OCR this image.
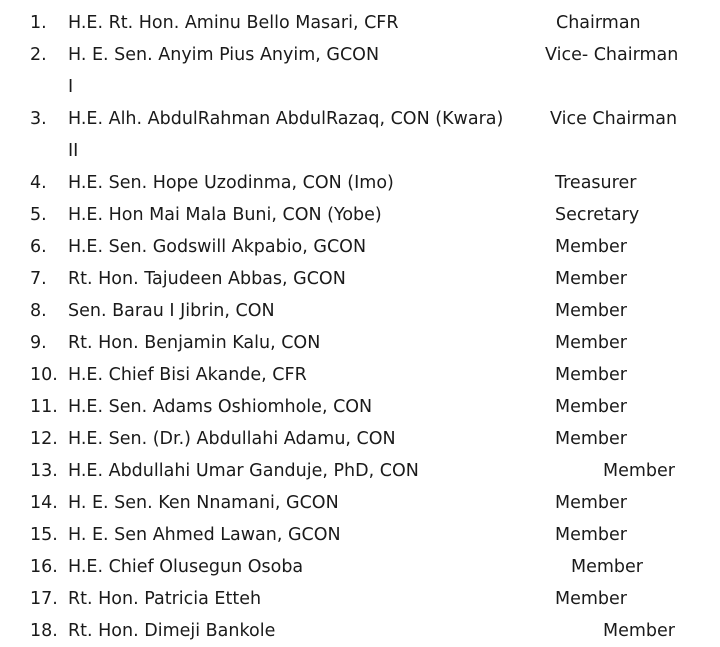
1. H.E. Rt. Hon. Aminu Bello Masari, CFR	Chairman
2. H. E. Sen. Anyim Pius Anyim, GCON	Vice- Chairman
I
3. H.E. Alh. AbdulRahman AbdulRazaq, CON (Kwara)	Vice Chairman
II
4. H.E. Sen. Hope Uzodinma, CON (Imo)	Treasurer
5. H.E. Hon Mai Mala Buni, CON (Yobe)	Secretary
6. H.E. Sen. Godswill Akpabio, GCON	Member
7. Rt. Hon. Tajudeen Abbas, GCON	Member
8. Sen. Barau I Jibrin, CON	Member
9. Rt. Hon. Benjamin Kalu, CON	Member
10. H.E. Chief Bisi Akande, CFR	Member
11. H.E. Sen. Adams Oshiomhole, CON	Member
12. H.E. Sen. (Dr.) Abdullahi Adamu, CON	Member
13. H.E. Abdullahi Umar Ganduje, PhD, CON	Member
14. H. E. Sen. Ken Nnamani, GCON	Member
15. H. E. Sen Ahmed Lawan, GCON	Member
16. H.E. Chief Olusegun Osoba	Member
17. Rt. Hon. Patricia Etteh	Member
18. Rt. Hon. Dimeji Bankole	Member
